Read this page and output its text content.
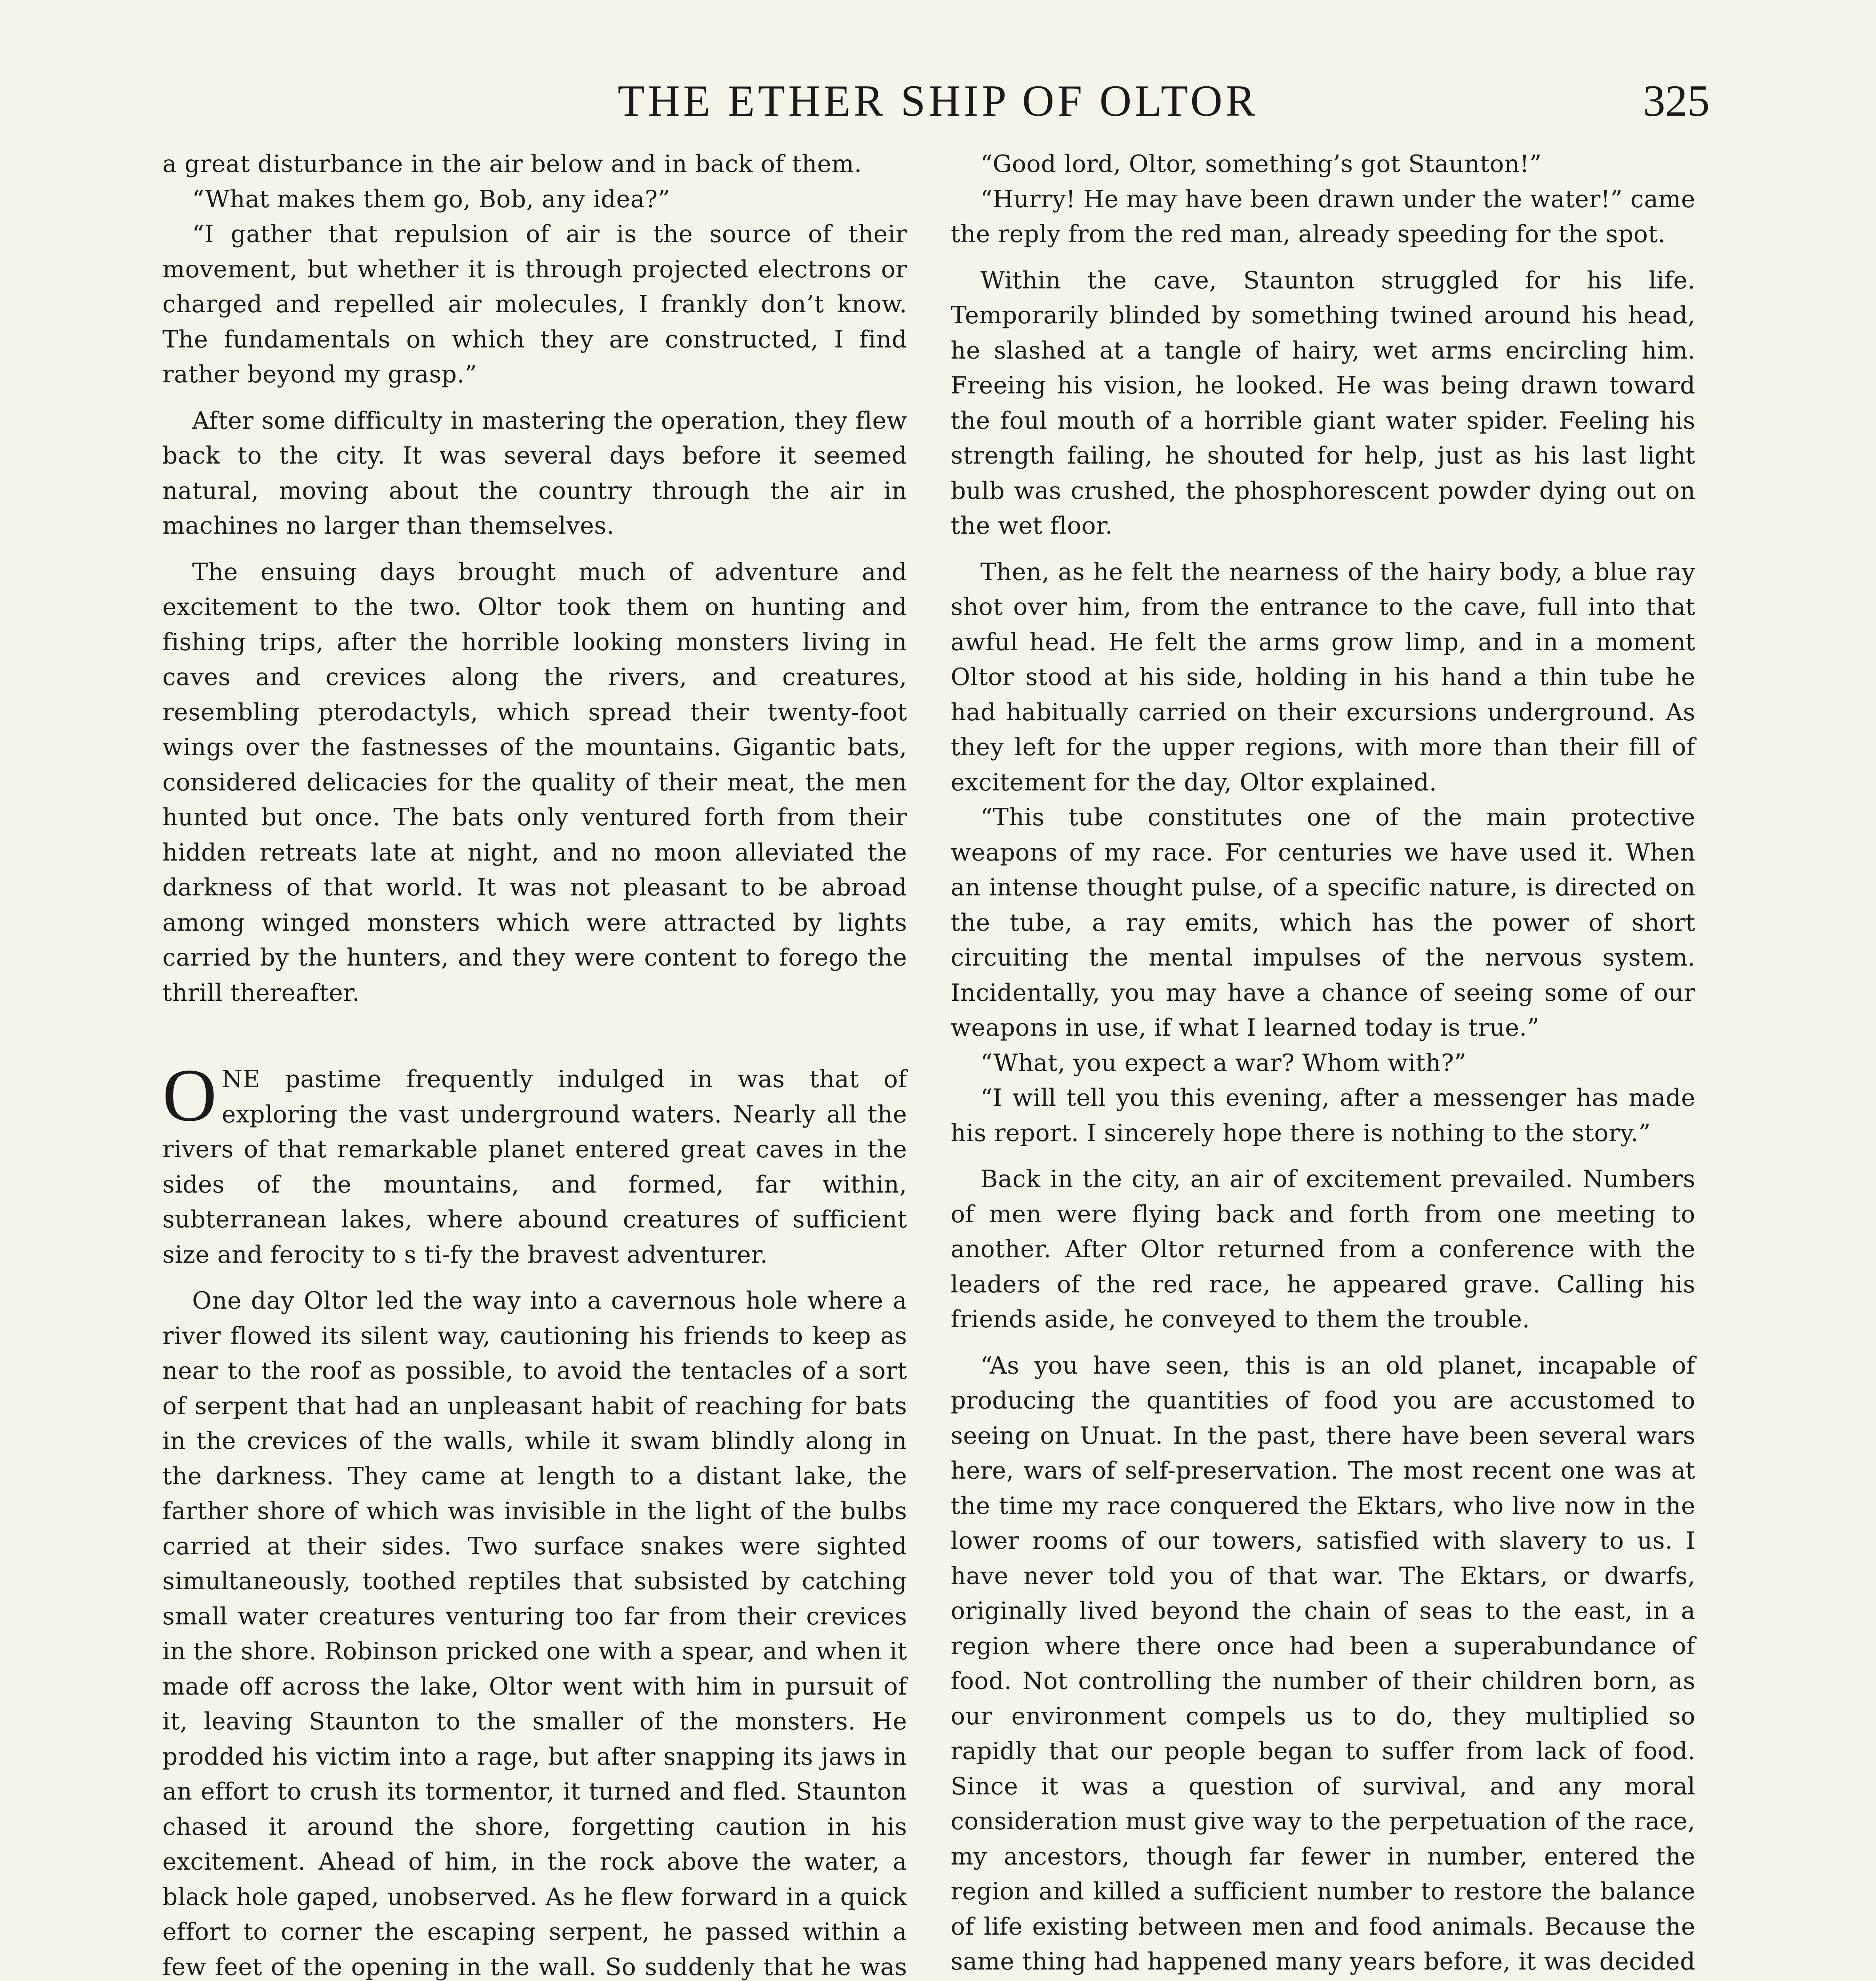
THE ETHER SHIP OF OLTOR	325

a great disturbance in the air below and in back of them.

“What makes them go, Bob, any idea?”

“I gather that repulsion of air is the source of their movement, but whether it is through projected electrons or charged and repelled air molecules, I frankly don’t know. The fundamentals on which they are constructed, I find rather beyond my grasp.”

After some difficulty in mastering the operation, they flew back to the city. It was several days before it seemed natural, moving about the country through the air in machines no larger than themselves.

The ensuing days brought much of adventure and excitement to the two. Oltor took them on hunting and fishing trips, after the horrible looking monsters living in caves and crevices along the rivers, and creatures, resembling pterodactyls, which spread their twenty-foot wings over the fastnesses of the mountains. Gigantic bats, considered delicacies for the quality of their meat, the men hunted but once. The bats only ventured forth from their hidden retreats late at night, and no moon alleviated the darkness of that world. It was not pleasant to be abroad among winged monsters which were attracted by lights carried by the hunters, and they were content to forego the thrill thereafter.

ONE pastime frequently indulged in was that of exploring the vast underground waters. Nearly all the rivers of that remarkable planet entered great caves in the sides of the mountains, and formed, far within, subterranean lakes, where abound creatures of sufficient size and ferocity to s ti-fy the bravest adventurer.

One day Oltor led the way into a cavernous hole where a river flowed its silent way, cautioning his friends to keep as near to the roof as possible, to avoid the tentacles of a sort of serpent that had an unpleasant habit of reaching for bats in the crevices of the walls, while it swam blindly along in the darkness. They came at length to a distant lake, the farther shore of which was invisible in the light of the bulbs carried at their sides. Two surface snakes were sighted simultaneously, toothed reptiles that subsisted by catching small water creatures venturing too far from their crevices in the shore. Robinson pricked one with a spear, and when it made off across the lake, Oltor went with him in pursuit of it, leaving Staunton to the smaller of the monsters. He prodded his victim into a rage, but after snapping its jaws in an effort to crush its tormentor, it turned and fled. Staunton chased it around the shore, forgetting caution in his excitement. Ahead of him, in the rock above the water, a black hole gaped, unobserved. As he flew forward in a quick effort to corner the escaping serpent, he passed within a few feet of the opening in the wall. So suddenly that he was

“Good lord, Oltor, something’s got Staunton!”

“Hurry! He may have been drawn under the water!” came the reply from the red man, already speeding for the spot.

Within the cave, Staunton struggled for his life. Temporarily blinded by something twined around his head, he slashed at a tangle of hairy, wet arms encircling him. Freeing his vision, he looked. He was being drawn toward the foul mouth of a horrible giant water spider. Feeling his strength failing, he shouted for help, just as his last light bulb was crushed, the phosphorescent powder dying out on the wet floor.

Then, as he felt the nearness of the hairy body, a blue ray shot over him, from the entrance to the cave, full into that awful head. He felt the arms grow limp, and in a moment Oltor stood at his side, holding in his hand a thin tube he had habitually carried on their excursions underground. As they left for the upper regions, with more than their fill of excitement for the day, Oltor explained.

“This tube constitutes one of the main protective weapons of my race. For centuries we have used it. When an intense thought pulse, of a specific nature, is directed on the tube, a ray emits, which has the power of short circuiting the mental impulses of the nervous system. Incidentally, you may have a chance of seeing some of our weapons in use, if what I learned today is true.”

“What, you expect a war? Whom with?”

“I will tell you this evening, after a messenger has made his report. I sincerely hope there is nothing to the story.”

Back in the city, an air of excitement prevailed. Numbers of men were flying back and forth from one meeting to another. After Oltor returned from a conference with the leaders of the red race, he appeared grave. Calling his friends aside, he conveyed to them the trouble.

“As you have seen, this is an old planet, incapable of producing the quantities of food you are accustomed to seeing on Unuat. In the past, there have been several wars here, wars of self-preservation. The most recent one was at the time my race conquered the Ektars, who live now in the lower rooms of our towers, satisfied with slavery to us. I have never told you of that war. The Ektars, or dwarfs, originally lived beyond the chain of seas to the east, in a region where there once had been a superabundance of food. Not controlling the number of their children born, as our environment compels us to do, they multiplied so rapidly that our people began to suffer from lack of food. Since it was a question of survival, and any moral consideration must give way to the perpetuation of the race, my ancestors, though far fewer in number, entered the region and killed a sufficient number to restore the balance of life existing between men and food animals. Because the same thing had happened many years before, it was decided
